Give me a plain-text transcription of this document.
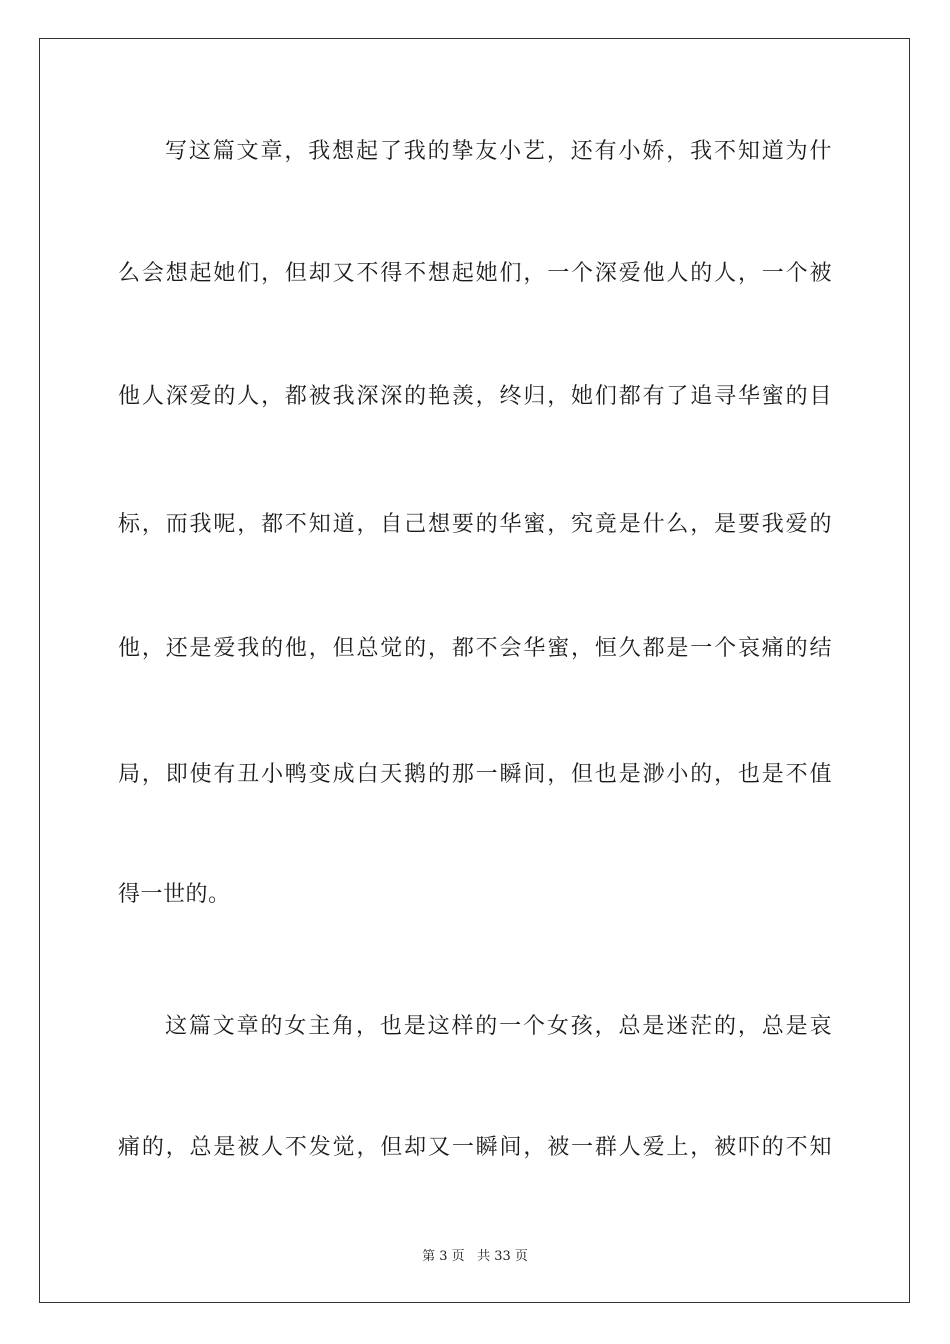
写这篇文章，我想起了我的挚友小艺，还有小娇，我不知道为什
么会想起她们，但却又不得不想起她们，一个深爱他人的人，一个被
他人深爱的人，都被我深深的艳羡，终归，她们都有了追寻华蜜的目
标，而我呢，都不知道，自己想要的华蜜，究竟是什么，是要我爱的
他，还是爱我的他，但总觉的，都不会华蜜，恒久都是一个哀痛的结
局，即使有丑小鸭变成白天鹅的那一瞬间，但也是渺小的，也是不值
得一世的。
这篇文章的女主角，也是这样的一个女孩，总是迷茫的，总是哀
痛的，总是被人不发觉，但却又一瞬间，被一群人爱上，被吓的不知
第 3 页 共 33 页
